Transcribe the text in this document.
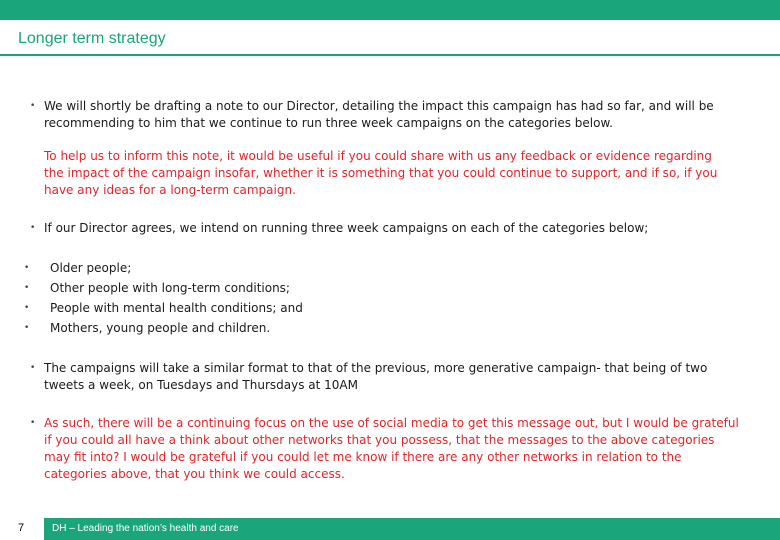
Longer term strategy
• We will shortly be drafting a note to our Director, detailing the impact this campaign has had so far, and will be recommending to him that we continue to run three week campaigns on the categories below.

To help us to inform this note, it would be useful if you could share with us any feedback or evidence regarding the impact of the campaign insofar, whether it is something that you could continue to support, and if so, if you have any ideas for a long-term campaign.

• If our Director agrees, we intend on running three week campaigns on each of the categories below;

• Older people;
• Other people with long-term conditions;
• People with mental health conditions; and
• Mothers, young people and children.
• The campaigns will take a similar format to that of the previous, more generative campaign- that being of two tweets a week, on Tuesdays and Thursdays at 10AM

• As such, there will be a continuing focus on the use of social media to get this message out, but I would be grateful if you could all have a think about other networks that you possess, that the messages to the above categories may fit into? I would be grateful if you could let me know if there are any other networks in relation to the categories above, that you think we could access.

7	DH – Leading the nation’s health and care
